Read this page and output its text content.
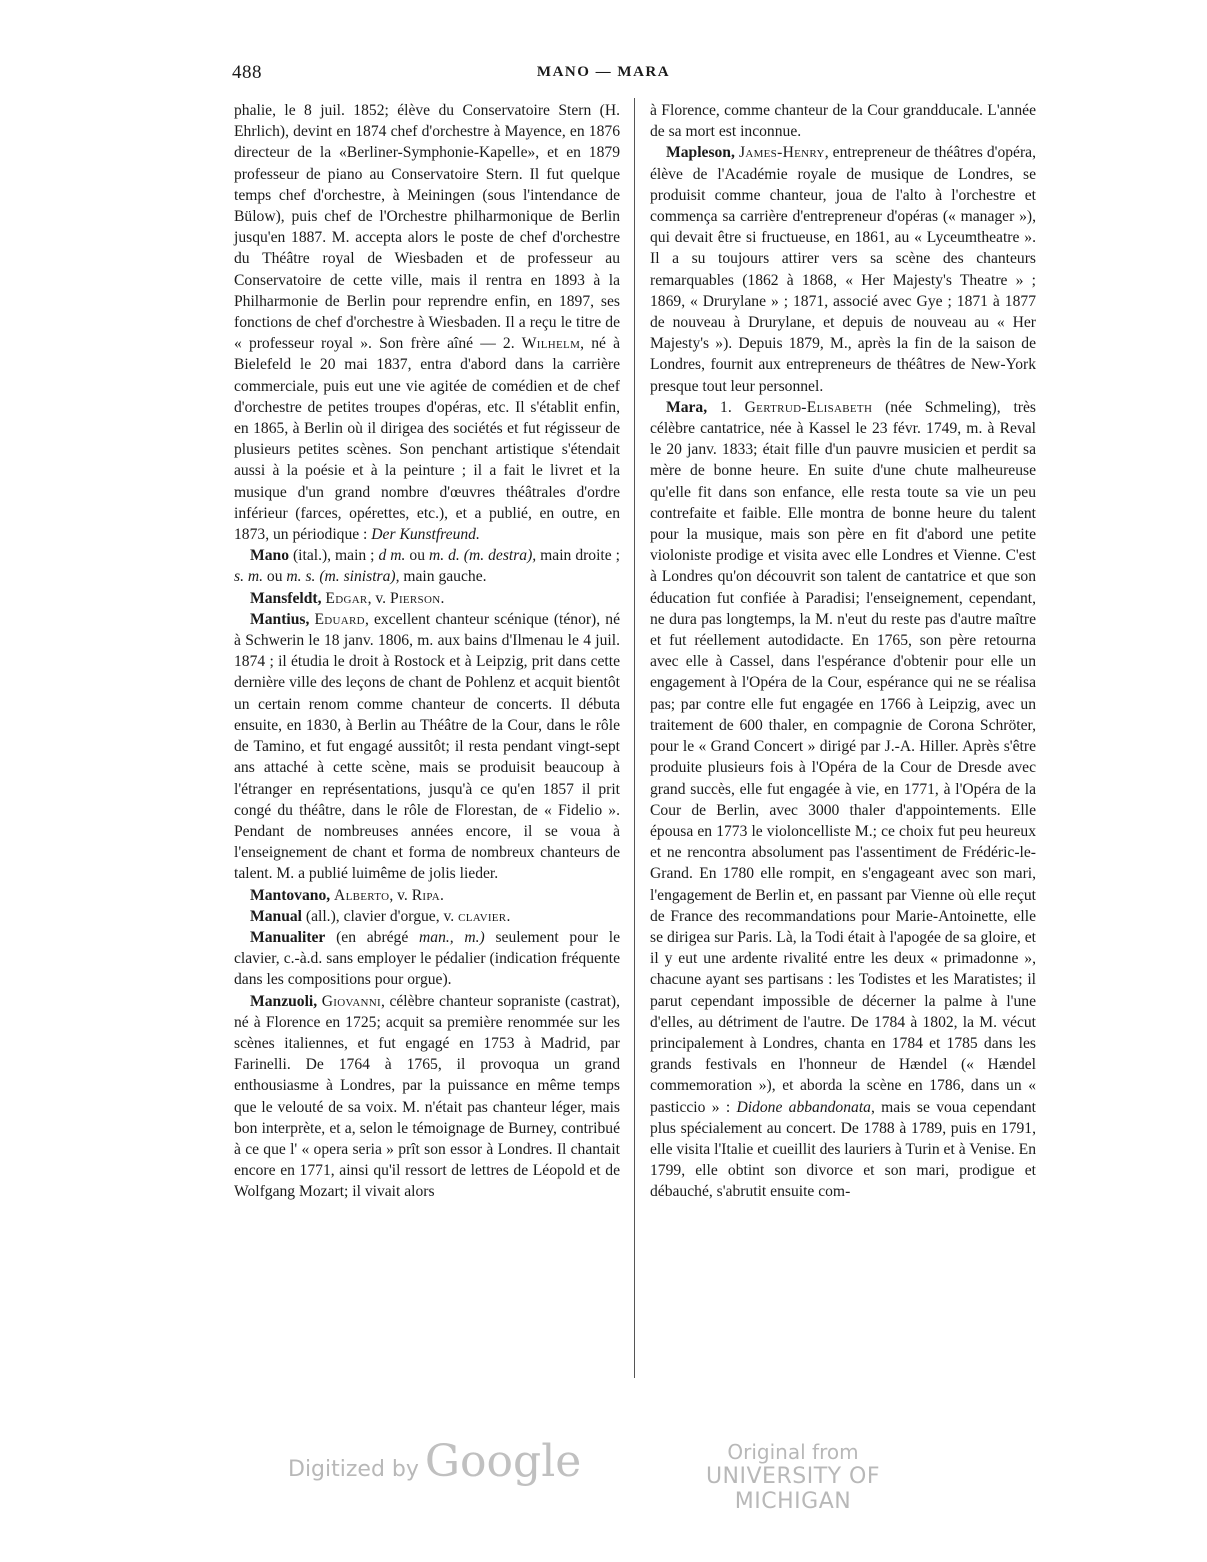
488	MANO — MARA

phalie, le 8 juil. 1852; élève du Conservatoire Stern (H. Ehrlich), devint en 1874 chef d'orchestre à Mayence, en 1876 directeur de la «Berliner-Symphonie-Kapelle», et en 1879 professeur de piano au Conservatoire Stern. Il fut quelque temps chef d'orchestre, à Meiningen (sous l'intendance de Bülow), puis chef de l'Orchestre philharmonique de Berlin jusqu'en 1887. M. accepta alors le poste de chef d'orchestre du Théâtre royal de Wiesbaden et de professeur au Conservatoire de cette ville, mais il rentra en 1893 à la Philharmonie de Berlin pour reprendre enfin, en 1897, ses fonctions de chef d'orchestre à Wiesbaden. Il a reçu le titre de « professeur royal ». Son frère aîné — 2. Wilhelm, né à Bielefeld le 20 mai 1837, entra d'abord dans la carrière commerciale, puis eut une vie agitée de comédien et de chef d'orchestre de petites troupes d'opéras, etc. Il s'établit enfin, en 1865, à Berlin où il dirigea des sociétés et fut régisseur de plusieurs petites scènes. Son penchant artistique s'étendait aussi à la poésie et à la peinture ; il a fait le livret et la musique d'un grand nombre d'œuvres théâtrales d'ordre inférieur (farces, opérettes, etc.), et a publié, en outre, en 1873, un périodique : Der Kunstfreund.

Mano (ital.), main ; d m. ou m. d. (m. destra), main droite ; s. m. ou m. s. (m. sinistra), main gauche.

Mansfeldt, Edgar, v. Pierson.

Mantius, Eduard, excellent chanteur scénique (ténor), né à Schwerin le 18 janv. 1806, m. aux bains d'Ilmenau le 4 juil. 1874 ; il étudia le droit à Rostock et à Leipzig, prit dans cette dernière ville des leçons de chant de Pohlenz et acquit bientôt un certain renom comme chanteur de concerts. Il débuta ensuite, en 1830, à Berlin au Théâtre de la Cour, dans le rôle de Tamino, et fut engagé aussitôt; il resta pendant vingt-sept ans attaché à cette scène, mais se produisit beaucoup à l'étranger en représentations, jusqu'à ce qu'en 1857 il prit congé du théâtre, dans le rôle de Florestan, de « Fidelio ». Pendant de nombreuses années encore, il se voua à l'enseignement de chant et forma de nombreux chanteurs de talent. M. a publié luimême de jolis lieder.

Mantovano, Alberto, v. Ripa.

Manual (all.), clavier d'orgue, v. clavier.

Manualiter (en abrégé man., m.) seulement pour le clavier, c.-à.d. sans employer le pédalier (indication fréquente dans les compositions pour orgue).

Manzuoli, Giovanni, célèbre chanteur sopraniste (castrat), né à Florence en 1725; acquit sa première renommée sur les scènes italiennes, et fut engagé en 1753 à Madrid, par Farinelli. De 1764 à 1765, il provoqua un grand enthousiasme à Londres, par la puissance en même temps que le velouté de sa voix. M. n'était pas chanteur léger, mais bon interprète, et a, selon le témoignage de Burney, contribué à ce que l' « opera seria » prît son essor à Londres. Il chantait encore en 1771, ainsi qu'il ressort de lettres de Léopold et de Wolfgang Mozart; il vivait alors

à Florence, comme chanteur de la Cour grandducale. L'année de sa mort est inconnue.

Mapleson, James-Henry, entrepreneur de théâtres d'opéra, élève de l'Académie royale de musique de Londres, se produisit comme chanteur, joua de l'alto à l'orchestre et commença sa carrière d'entrepreneur d'opéras (« manager »), qui devait être si fructueuse, en 1861, au « Lyceumtheatre ». Il a su toujours attirer vers sa scène des chanteurs remarquables (1862 à 1868, « Her Majesty's Theatre » ; 1869, « Drurylane » ; 1871, associé avec Gye ; 1871 à 1877 de nouveau à Drurylane, et depuis de nouveau au « Her Majesty's »). Depuis 1879, M., après la fin de la saison de Londres, fournit aux entrepreneurs de théâtres de New-York presque tout leur personnel.

Mara, 1. Gertrud-Elisabeth (née Schmeling), très célèbre cantatrice, née à Kassel le 23 févr. 1749, m. à Reval le 20 janv. 1833; était fille d'un pauvre musicien et perdit sa mère de bonne heure. En suite d'une chute malheureuse qu'elle fit dans son enfance, elle resta toute sa vie un peu contrefaite et faible. Elle montra de bonne heure du talent pour la musique, mais son père en fit d'abord une petite violoniste prodige et visita avec elle Londres et Vienne. C'est à Londres qu'on découvrit son talent de cantatrice et que son éducation fut confiée à Paradisi; l'enseignement, cependant, ne dura pas longtemps, la M. n'eut du reste pas d'autre maître et fut réellement autodidacte. En 1765, son père retourna avec elle à Cassel, dans l'espérance d'obtenir pour elle un engagement à l'Opéra de la Cour, espérance qui ne se réalisa pas; par contre elle fut engagée en 1766 à Leipzig, avec un traitement de 600 thaler, en compagnie de Corona Schröter, pour le « Grand Concert » dirigé par J.-A. Hiller. Après s'être produite plusieurs fois à l'Opéra de la Cour de Dresde avec grand succès, elle fut engagée à vie, en 1771, à l'Opéra de la Cour de Berlin, avec 3000 thaler d'appointements. Elle épousa en 1773 le violoncelliste M.; ce choix fut peu heureux et ne rencontra absolument pas l'assentiment de Frédéric-le-Grand. En 1780 elle rompit, en s'engageant avec son mari, l'engagement de Berlin et, en passant par Vienne où elle reçut de France des recommandations pour Marie-Antoinette, elle se dirigea sur Paris. Là, la Todi était à l'apogée de sa gloire, et il y eut une ardente rivalité entre les deux « primadonne », chacune ayant ses partisans : les Todistes et les Maratistes; il parut cependant impossible de décerner la palme à l'une d'elles, au détriment de l'autre. De 1784 à 1802, la M. vécut principalement à Londres, chanta en 1784 et 1785 dans les grands festivals en l'honneur de Hændel (« Hændel commemoration »), et aborda la scène en 1786, dans un « pasticcio » : Didone abbandonata, mais se voua cependant plus spécialement au concert. De 1788 à 1789, puis en 1791, elle visita l'Italie et cueillit des lauriers à Turin et à Venise. En 1799, elle obtint son divorce et son mari, prodigue et débauché, s'abrutit ensuite com-

Digitized by Google	Original from
UNIVERSITY OF MICHIGAN
